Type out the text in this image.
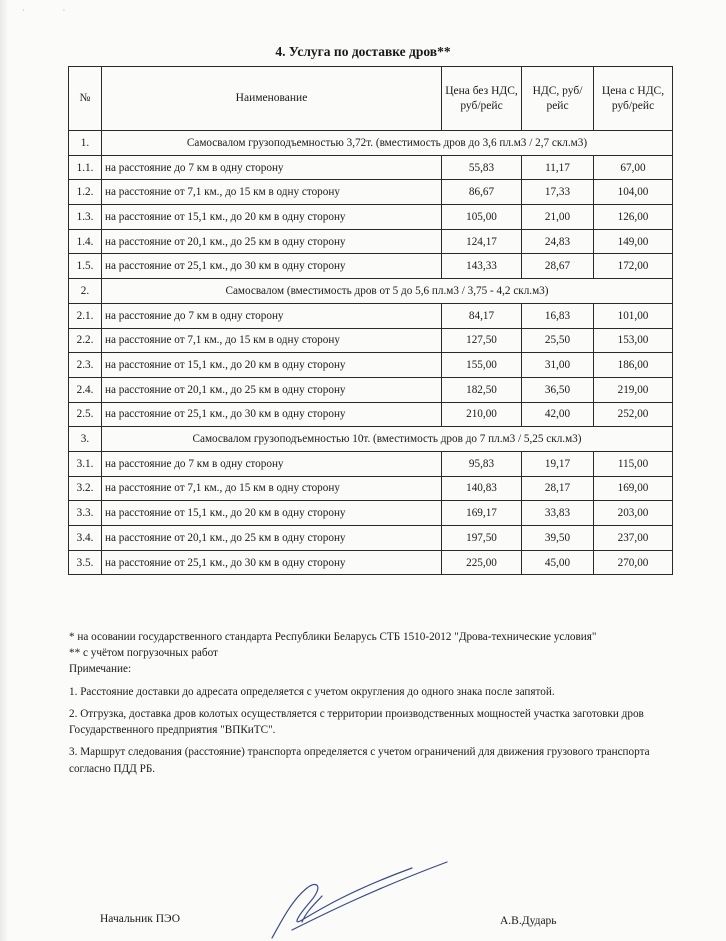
· ·
4. Услуга по доставке дров**
№	Наименование	Цена без НДС, руб/рейс	НДС, руб/рейс	Цена с НДС, руб/рейс
1.	Самосвалом грузоподъемностью 3,72т. (вместимость дров до 3,6 пл.м3 / 2,7 скл.м3)			
1.1.	на расстояние до 7 км в одну сторону	55,83	11,17	67,00
1.2.	на расстояние от 7,1 км., до 15 км в одну сторону	86,67	17,33	104,00
1.3.	на расстояние от 15,1 км., до 20 км в одну сторону	105,00	21,00	126,00
1.4.	на расстояние от 20,1 км., до 25 км в одну сторону	124,17	24,83	149,00
1.5.	на расстояние от 25,1 км., до 30 км в одну сторону	143,33	28,67	172,00
2.	Самосвалом (вместимость дров от 5 до 5,6 пл.м3 / 3,75 - 4,2 скл.м3)			
2.1.	на расстояние до 7 км в одну сторону	84,17	16,83	101,00
2.2.	на расстояние от 7,1 км., до 15 км в одну сторону	127,50	25,50	153,00
2.3.	на расстояние от 15,1 км., до 20 км в одну сторону	155,00	31,00	186,00
2.4.	на расстояние от 20,1 км., до 25 км в одну сторону	182,50	36,50	219,00
2.5.	на расстояние от 25,1 км., до 30 км в одну сторону	210,00	42,00	252,00
3.	Самосвалом грузоподъемностью 10т. (вместимость дров до 7 пл.м3 / 5,25 скл.м3)			
3.1.	на расстояние до 7 км в одну сторону	95,83	19,17	115,00
3.2.	на расстояние от 7,1 км., до 15 км в одну сторону	140,83	28,17	169,00
3.3.	на расстояние от 15,1 км., до 20 км в одну сторону	169,17	33,83	203,00
3.4.	на расстояние от 20,1 км., до 25 км в одну сторону	197,50	39,50	237,00
3.5.	на расстояние от 25,1 км., до 30 км в одну сторону	225,00	45,00	270,00
* на осовании государственного стандарта Республики Беларусь СТБ 1510-2012 "Дрова-технические условия"
** с учётом погрузочных работ

Примечание:

1. Расстояние доставки до адресата определяется с учетом округления до одного знака после запятой.

2. Отгрузка, доставка дров колотых осуществляется с территории производственных мощностей участка заготовки дров Государственного предприятия "ВПКиТС".

3. Маршрут следования (расстояние) транспорта определяется с учетом ограничений для движения грузового транспорта согласно ПДД РБ.

Начальник ПЭО	А.В.Дударь
